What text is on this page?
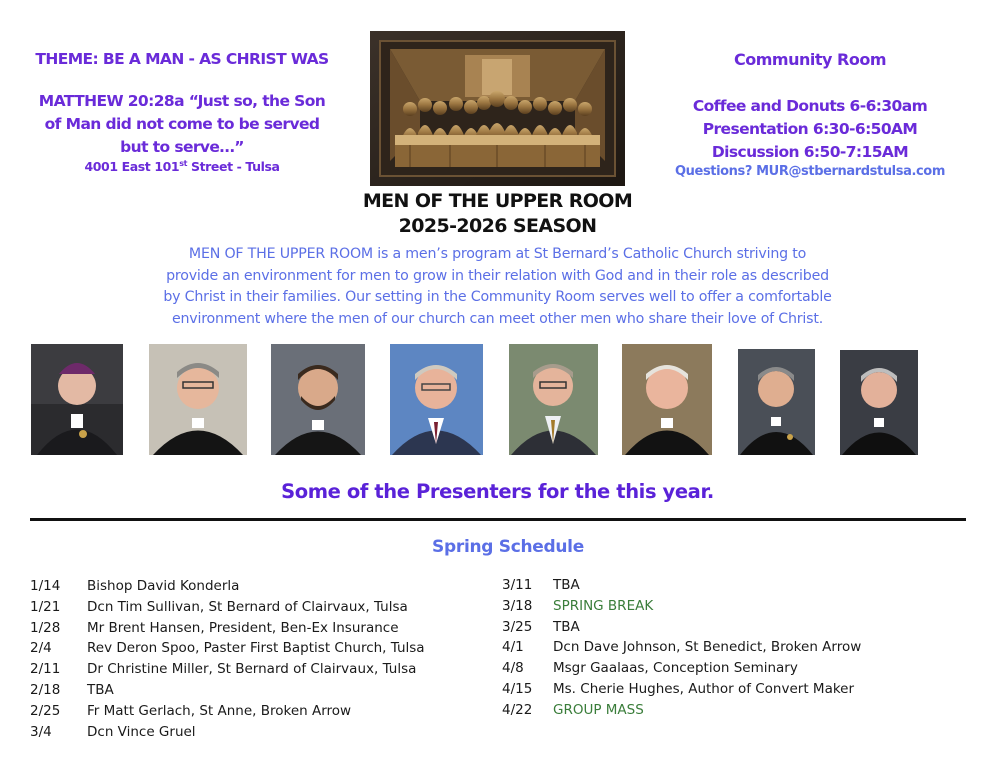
THEME: BE A MAN - AS CHRIST WAS
MATTHEW 20:28a “Just so, the Son
of Man did not come to be served
but to serve…”
4001 East 101st Street - Tulsa
MEN OF THE UPPER ROOM
2025-2026 SEASON
Community Room
Coffee and Donuts 6-6:30am
Presentation 6:30-6:50AM
Discussion 6:50-7:15AM
Questions? MUR@stbernardstulsa.com
MEN OF THE UPPER ROOM is a men’s program at St Bernard’s Catholic Church striving to
provide an environment for men to grow in their relation with God and in their role as described
by Christ in their families. Our setting in the Community Room serves well to offer a comfortable
environment where the men of our church can meet other men who share their love of Christ.
Some of the Presenters for the this year.
Spring Schedule
1/14 Bishop David Konderla
1/21 Dcn Tim Sullivan, St Bernard of Clairvaux, Tulsa
1/28 Mr Brent Hansen, President, Ben-Ex Insurance
2/4	Rev Deron Spoo, Paster First Baptist Church, Tulsa
2/11 Dr Christine Miller, St Bernard of Clairvaux, Tulsa
2/18 TBA
2/25 Fr Matt Gerlach, St Anne, Broken Arrow
3/4	Dcn Vince Gruel
3/11 TBA
3/18 SPRING BREAK
3/25 TBA
4/1 Dcn Dave Johnson, St Benedict, Broken Arrow
4/8 Msgr Gaalaas, Conception Seminary
4/15 Ms. Cherie Hughes, Author of Convert Maker
4/22 GROUP MASS
